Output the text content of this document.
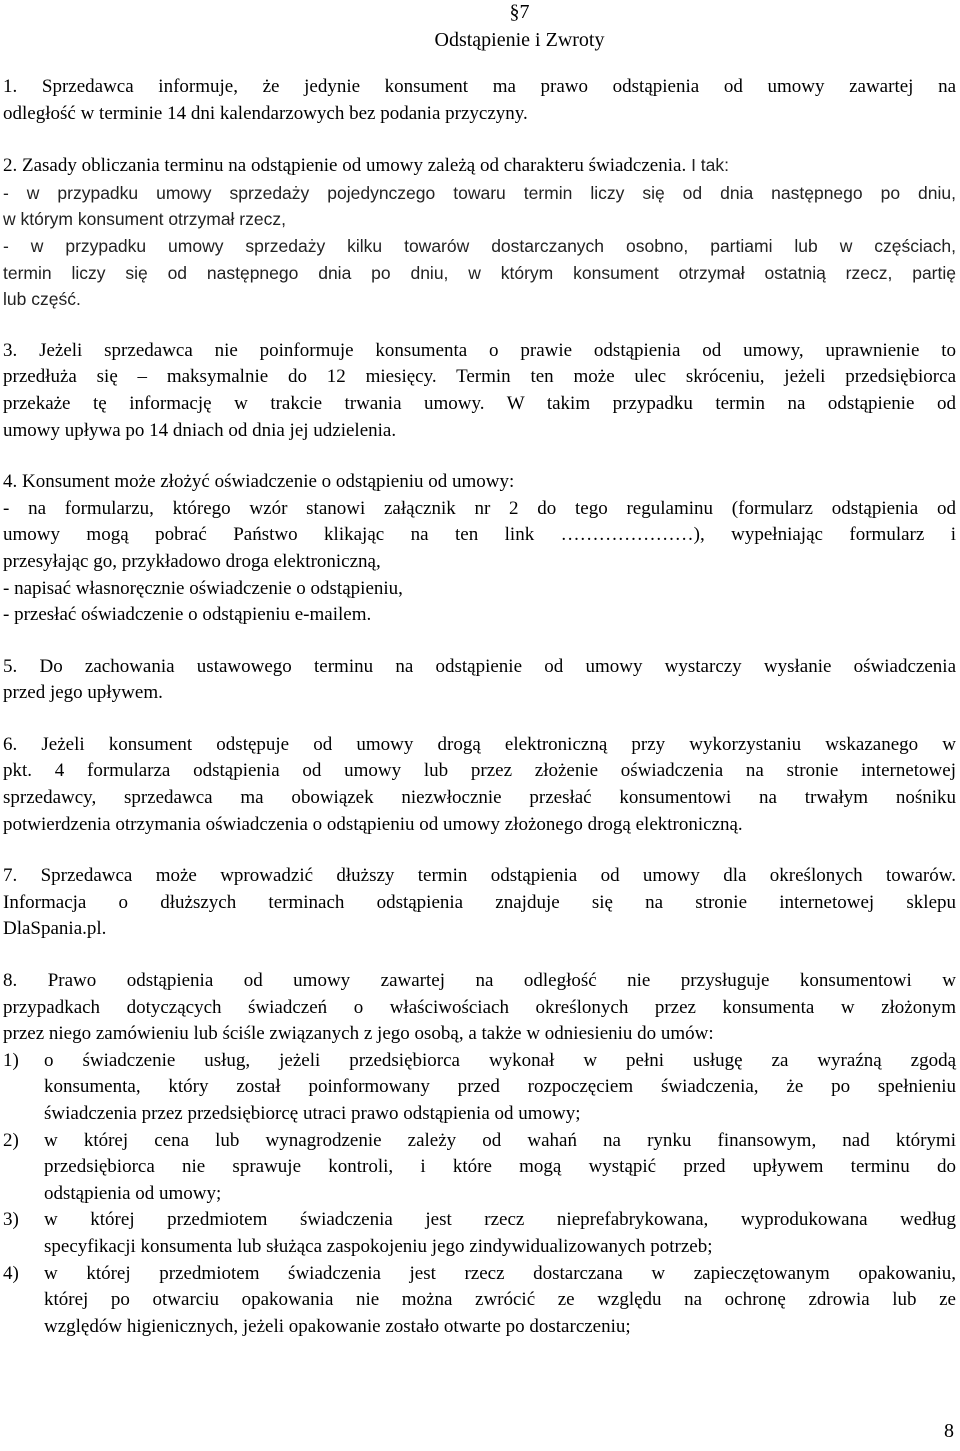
§7
Odstąpienie i Zwroty
1. Sprzedawca informuje, że jedynie konsument ma prawo odstąpienia od umowy zawartej na
odległość w terminie 14 dni kalendarzowych bez podania przyczyny.
2. Zasady obliczania terminu na odstąpienie od umowy zależą od charakteru świadczenia. I tak:
- w przypadku umowy sprzedaży pojedynczego towaru termin liczy się od dnia następnego po dniu,
w którym konsument otrzymał rzecz,
- w przypadku umowy sprzedaży kilku towarów dostarczanych osobno, partiami lub w częściach,
termin liczy się od następnego dnia po dniu, w którym konsument otrzymał ostatnią rzecz, partię
lub część.
3. Jeżeli sprzedawca nie poinformuje konsumenta o prawie odstąpienia od umowy, uprawnienie to
przedłuża się – maksymalnie do 12 miesięcy. Termin ten może ulec skróceniu, jeżeli przedsiębiorca
przekaże tę informację w trakcie trwania umowy. W takim przypadku termin na odstąpienie od
umowy upływa po 14 dniach od dnia jej udzielenia.
4. Konsument może złożyć oświadczenie o odstąpieniu od umowy:
- na formularzu, którego wzór stanowi załącznik nr 2 do tego regulaminu (formularz odstąpienia od
umowy mogą pobrać Państwo klikając na ten link …………………), wypełniając formularz i
przesyłając go, przykładowo droga elektroniczną,
- napisać własnoręcznie oświadczenie o odstąpieniu,
- przesłać oświadczenie o odstąpieniu e-mailem.
5. Do zachowania ustawowego terminu na odstąpienie od umowy wystarczy wysłanie oświadczenia
przed jego upływem.
6. Jeżeli konsument odstępuje od umowy drogą elektroniczną przy wykorzystaniu wskazanego w
pkt. 4 formularza odstąpienia od umowy lub przez złożenie oświadczenia na stronie internetowej
sprzedawcy, sprzedawca ma obowiązek niezwłocznie przesłać konsumentowi na trwałym nośniku
potwierdzenia otrzymania oświadczenia o odstąpieniu od umowy złożonego drogą elektroniczną.
7. Sprzedawca może wprowadzić dłuższy termin odstąpienia od umowy dla określonych towarów.
Informacja o dłuższych terminach odstąpienia znajduje się na stronie internetowej sklepu
DlaSpania.pl.
8. Prawo odstąpienia od umowy zawartej na odległość nie przysługuje konsumentowi w
przypadkach dotyczących świadczeń o właściwościach określonych przez konsumenta w złożonym
przez niego zamówieniu lub ściśle związanych z jego osobą, a także w odniesieniu do umów:
1) o świadczenie usług, jeżeli przedsiębiorca wykonał w pełni usługę za wyraźną zgodą
konsumenta, który został poinformowany przed rozpoczęciem świadczenia, że po spełnieniu
świadczenia przez przedsiębiorcę utraci prawo odstąpienia od umowy;
2) w której cena lub wynagrodzenie zależy od wahań na rynku finansowym, nad którymi
przedsiębiorca nie sprawuje kontroli, i które mogą wystąpić przed upływem terminu do
odstąpienia od umowy;
3) w której przedmiotem świadczenia jest rzecz nieprefabrykowana, wyprodukowana według
specyfikacji konsumenta lub służąca zaspokojeniu jego zindywidualizowanych potrzeb;
4) w której przedmiotem świadczenia jest rzecz dostarczana w zapieczętowanym opakowaniu,
której po otwarciu opakowania nie można zwrócić ze względu na ochronę zdrowia lub ze
względów higienicznych, jeżeli opakowanie zostało otwarte po dostarczeniu;
8
